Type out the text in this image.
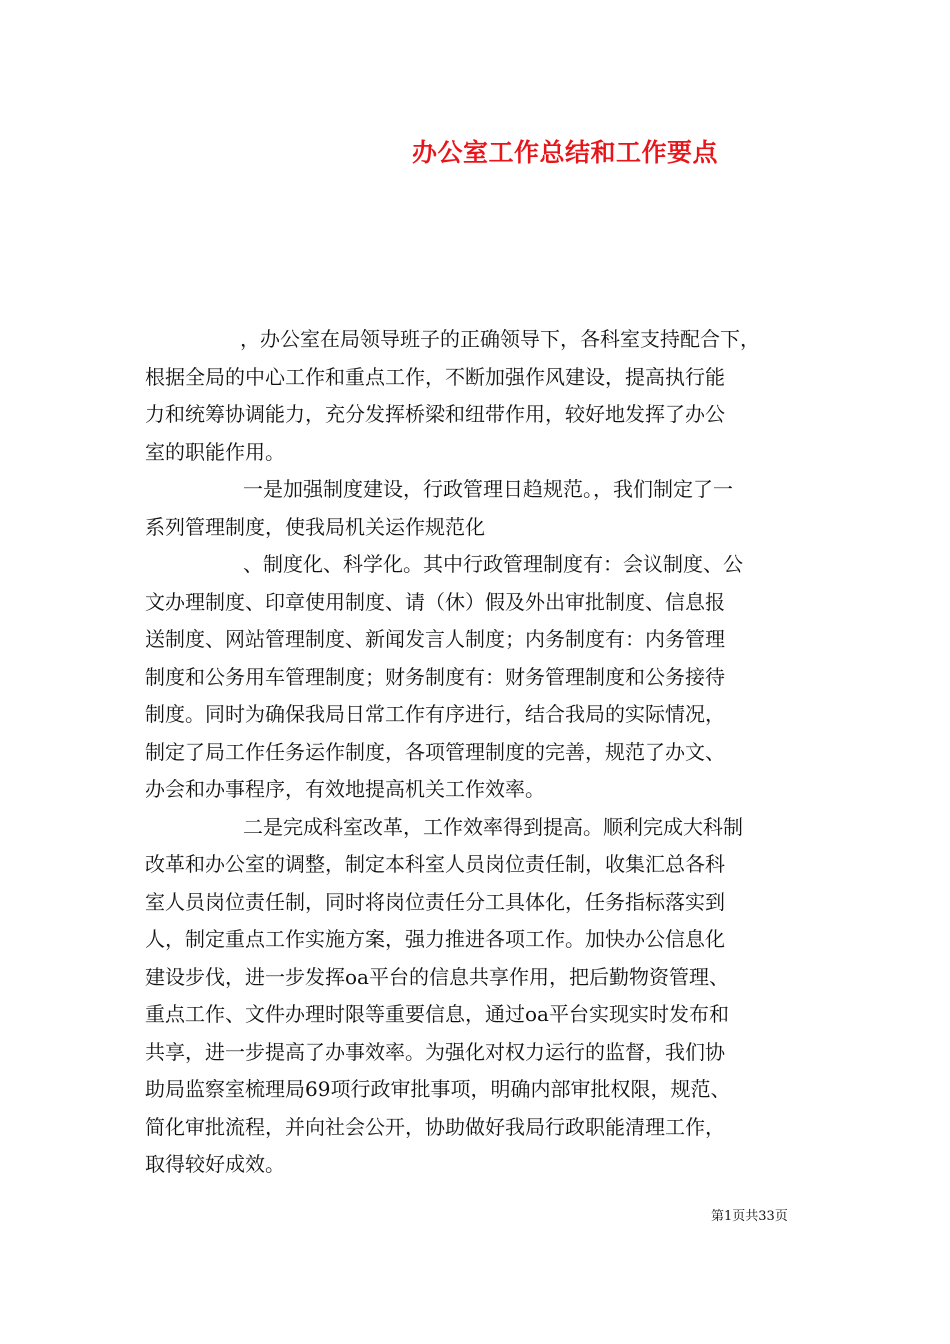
办公室工作总结和工作要点
，办公室在局领导班子的正确领导下，各科室支持配合下，
根据全局的中心工作和重点工作，不断加强作风建设，提高执行能
力和统筹协调能力，充分发挥桥梁和纽带作用，较好地发挥了办公
室的职能作用。
一是加强制度建设，行政管理日趋规范。，我们制定了一
系列管理制度，使我局机关运作规范化
、制度化、科学化。其中行政管理制度有：会议制度、公
文办理制度、印章使用制度、请（休）假及外出审批制度、信息报
送制度、网站管理制度、新闻发言人制度；内务制度有：内务管理
制度和公务用车管理制度；财务制度有：财务管理制度和公务接待
制度。同时为确保我局日常工作有序进行，结合我局的实际情况，
制定了局工作任务运作制度，各项管理制度的完善，规范了办文、
办会和办事程序，有效地提高机关工作效率。
二是完成科室改革，工作效率得到提高。顺利完成大科制
改革和办公室的调整，制定本科室人员岗位责任制，收集汇总各科
室人员岗位责任制，同时将岗位责任分工具体化，任务指标落实到
人，制定重点工作实施方案，强力推进各项工作。加快办公信息化
建设步伐，进一步发挥oa平台的信息共享作用，把后勤物资管理、
重点工作、文件办理时限等重要信息，通过oa平台实现实时发布和
共享，进一步提高了办事效率。为强化对权力运行的监督，我们协
助局监察室梳理局69项行政审批事项，明确内部审批权限，规范、
简化审批流程，并向社会公开，协助做好我局行政职能清理工作，
取得较好成效。
第1页共33页
